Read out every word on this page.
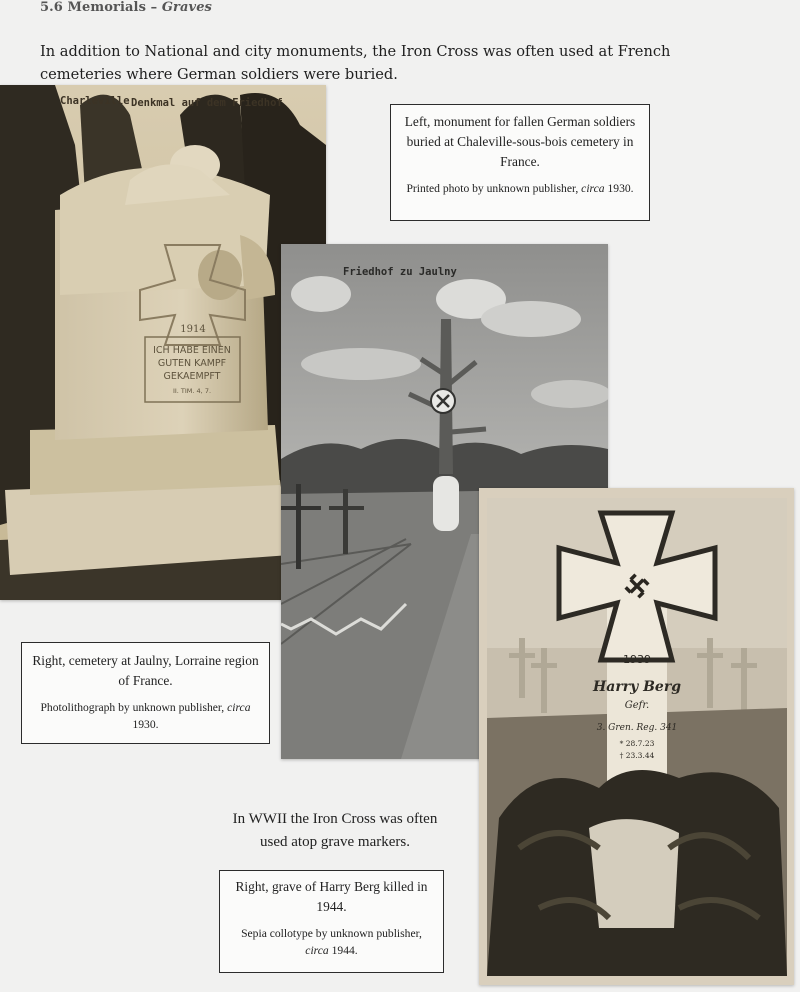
5.6 Memorials – Graves
In addition to National and city monuments, the Iron Cross was often used at French cemeteries where German soldiers were buried.
1914
ICH HABE EINEN
GUTEN KAMPF
GEKAEMPFT
II. TIM. 4, 7.
Charleville Denkmal auf dem Friedhof
Left, monument for fallen German soldiers buried at Chaleville-sous-bois cemetery in France.
Printed photo by unknown publisher, circa 1930.
Friedhof zu Jaulny
Right, cemetery at Jaulny, Lorraine region of France.
Photolithograph by unknown publisher, circa 1930.
1939
Harry Berg
Gefr.
3. Gren. Reg. 341
* 28.7.23
† 23.3.44
In WWII the Iron Cross was often used atop grave markers.
Right, grave of Harry Berg killed in 1944.
Sepia collotype by unknown publisher, circa 1944.
